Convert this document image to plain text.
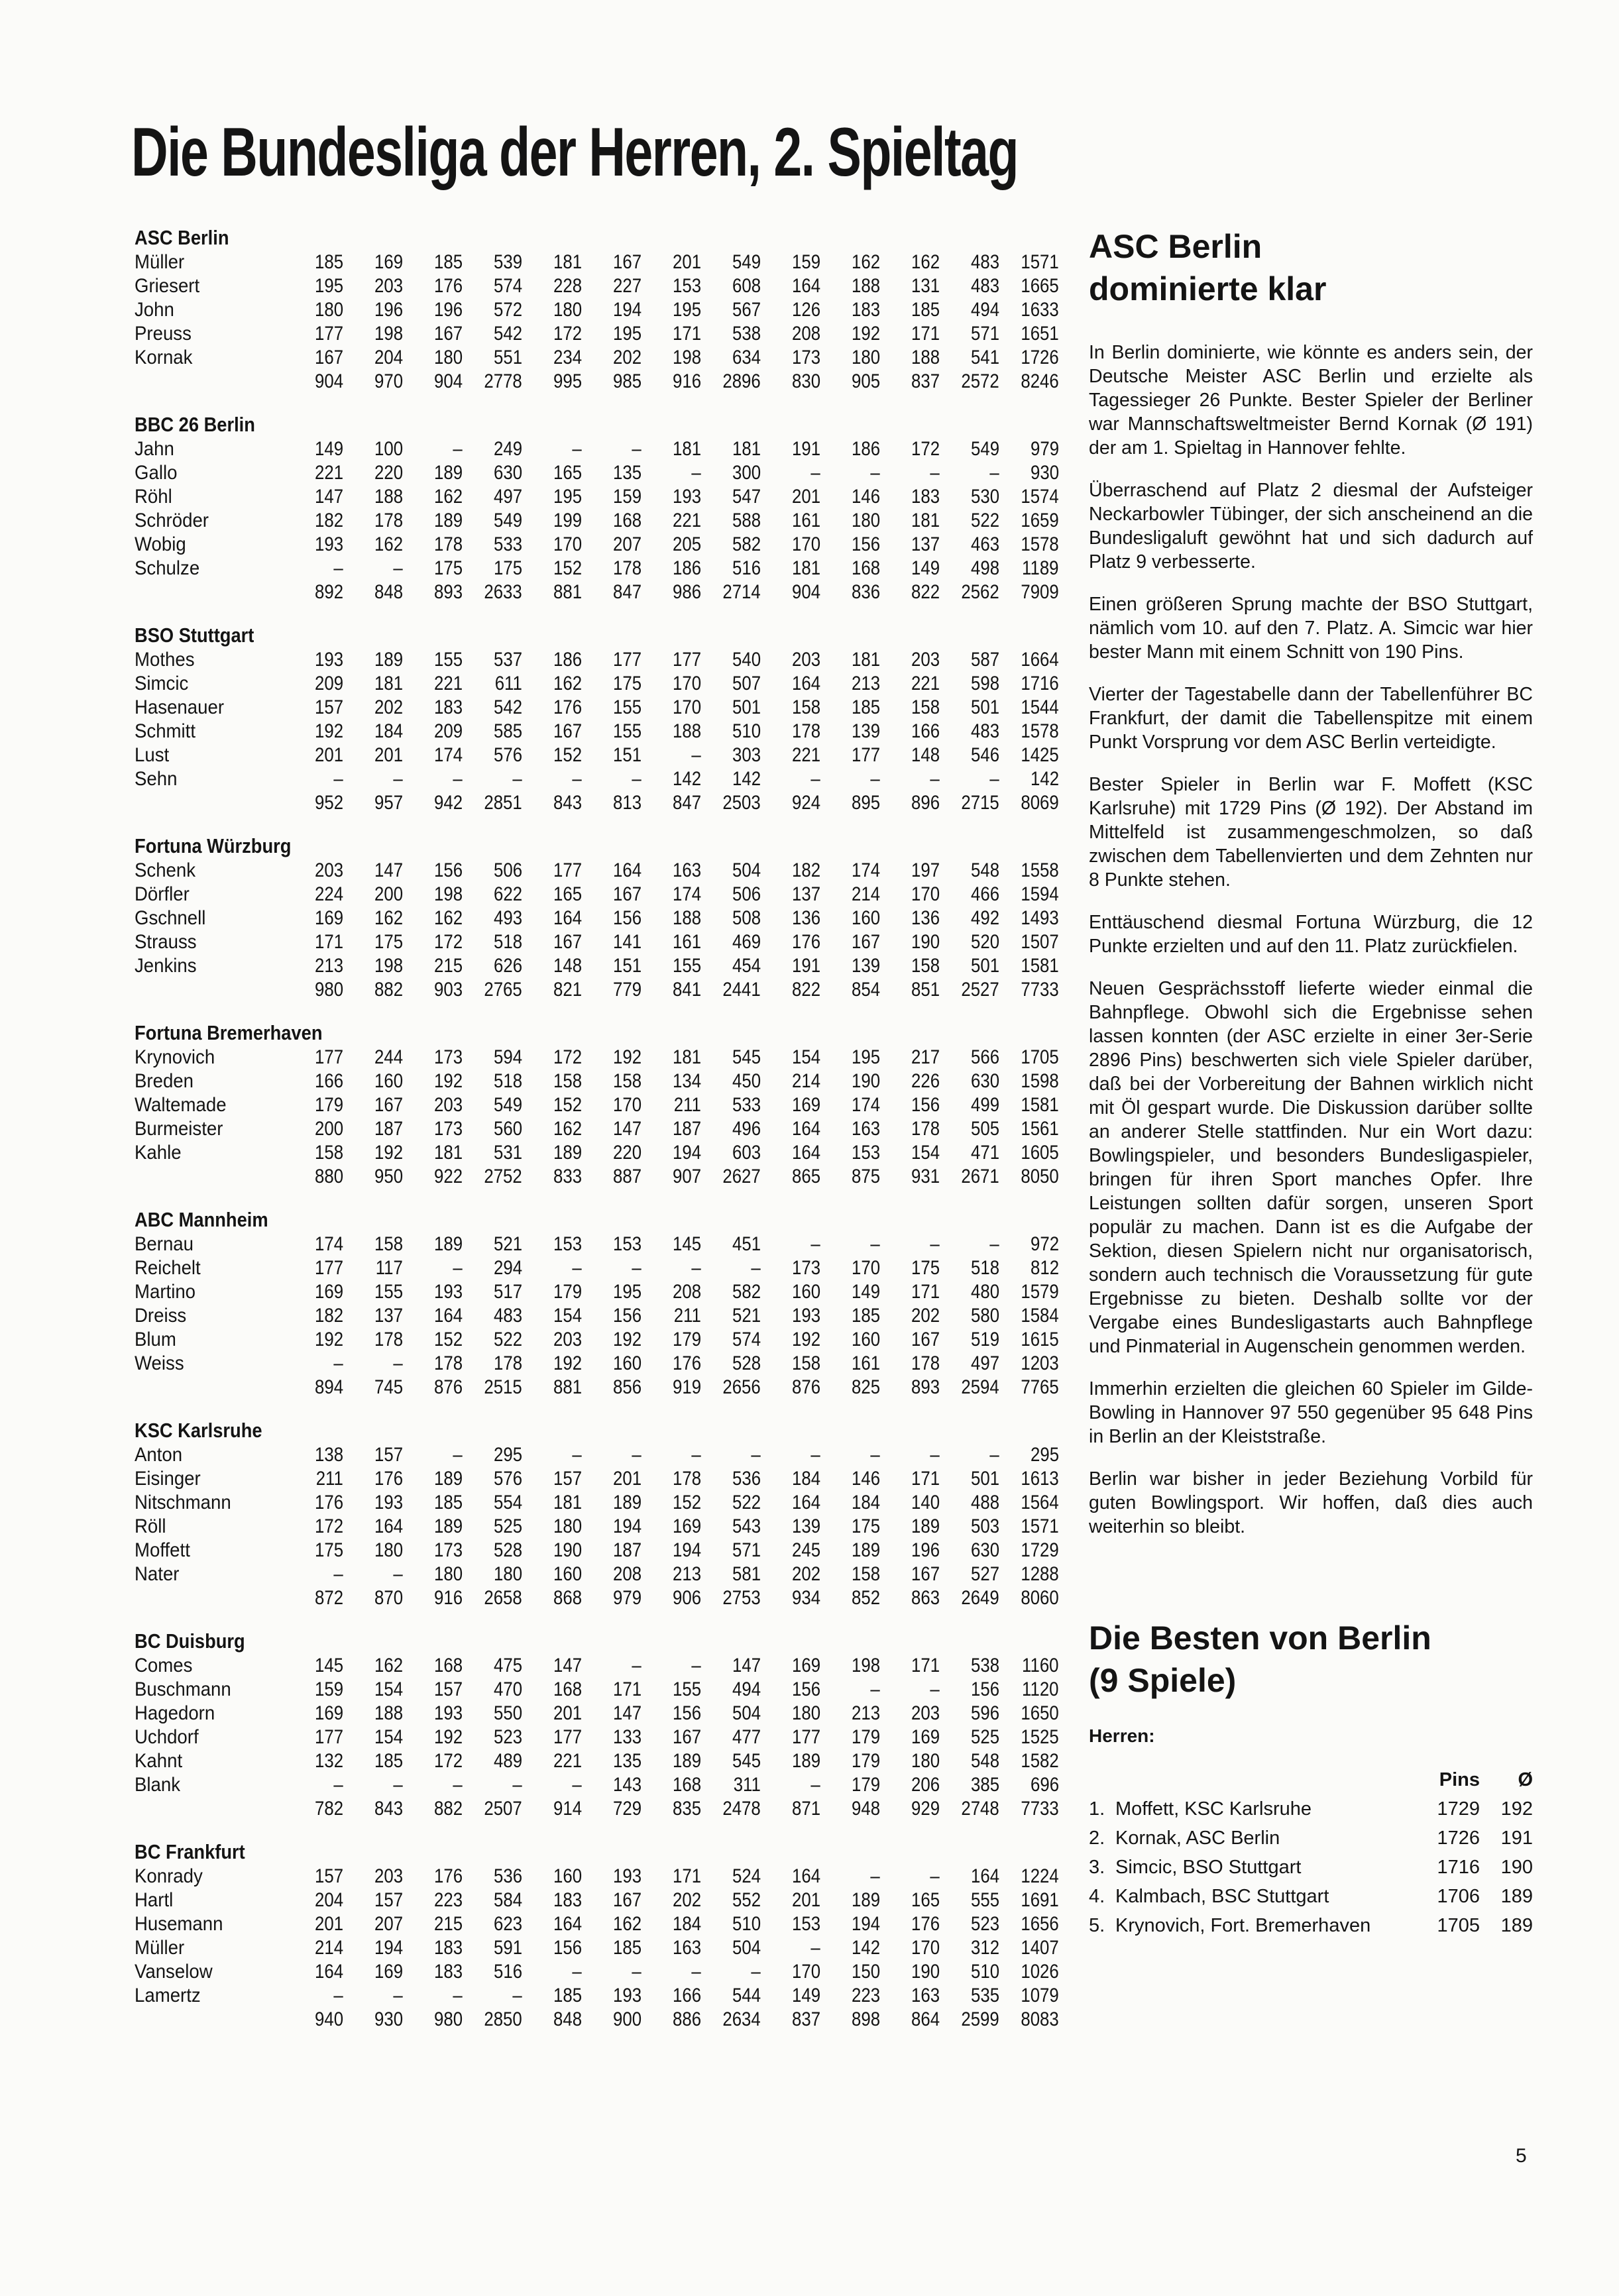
Die Bundesliga der Herren, 2. Spieltag
ASC Berlin
Müller	185	169	185	539	181	167	201	549	159	162	162	483	1571
Griesert	195	203	176	574	228	227	153	608	164	188	131	483	1665
John	180	196	196	572	180	194	195	567	126	183	185	494	1633
Preuss	177	198	167	542	172	195	171	538	208	192	171	571	1651
Kornak	167	204	180	551	234	202	198	634	173	180	188	541	1726
	904	970	904	2778	995	985	916	2896	830	905	837	2572	8246
BBC 26 Berlin
Jahn	149	100	–	249	–	–	181	181	191	186	172	549	979
Gallo	221	220	189	630	165	135	–	300	–	–	–	–	930
Röhl	147	188	162	497	195	159	193	547	201	146	183	530	1574
Schröder	182	178	189	549	199	168	221	588	161	180	181	522	1659
Wobig	193	162	178	533	170	207	205	582	170	156	137	463	1578
Schulze	–	–	175	175	152	178	186	516	181	168	149	498	1189
	892	848	893	2633	881	847	986	2714	904	836	822	2562	7909
BSO Stuttgart
Mothes	193	189	155	537	186	177	177	540	203	181	203	587	1664
Simcic	209	181	221	611	162	175	170	507	164	213	221	598	1716
Hasenauer	157	202	183	542	176	155	170	501	158	185	158	501	1544
Schmitt	192	184	209	585	167	155	188	510	178	139	166	483	1578
Lust	201	201	174	576	152	151	–	303	221	177	148	546	1425
Sehn	–	–	–	–	–	–	142	142	–	–	–	–	142
	952	957	942	2851	843	813	847	2503	924	895	896	2715	8069
Fortuna Würzburg
Schenk	203	147	156	506	177	164	163	504	182	174	197	548	1558
Dörfler	224	200	198	622	165	167	174	506	137	214	170	466	1594
Gschnell	169	162	162	493	164	156	188	508	136	160	136	492	1493
Strauss	171	175	172	518	167	141	161	469	176	167	190	520	1507
Jenkins	213	198	215	626	148	151	155	454	191	139	158	501	1581
	980	882	903	2765	821	779	841	2441	822	854	851	2527	7733
Fortuna Bremerhaven
Krynovich	177	244	173	594	172	192	181	545	154	195	217	566	1705
Breden	166	160	192	518	158	158	134	450	214	190	226	630	1598
Waltemade	179	167	203	549	152	170	211	533	169	174	156	499	1581
Burmeister	200	187	173	560	162	147	187	496	164	163	178	505	1561
Kahle	158	192	181	531	189	220	194	603	164	153	154	471	1605
	880	950	922	2752	833	887	907	2627	865	875	931	2671	8050
ABC Mannheim
Bernau	174	158	189	521	153	153	145	451	–	–	–	–	972
Reichelt	177	117	–	294	–	–	–	–	173	170	175	518	812
Martino	169	155	193	517	179	195	208	582	160	149	171	480	1579
Dreiss	182	137	164	483	154	156	211	521	193	185	202	580	1584
Blum	192	178	152	522	203	192	179	574	192	160	167	519	1615
Weiss	–	–	178	178	192	160	176	528	158	161	178	497	1203
	894	745	876	2515	881	856	919	2656	876	825	893	2594	7765
KSC Karlsruhe
Anton	138	157	–	295	–	–	–	–	–	–	–	–	295
Eisinger	211	176	189	576	157	201	178	536	184	146	171	501	1613
Nitschmann	176	193	185	554	181	189	152	522	164	184	140	488	1564
Röll	172	164	189	525	180	194	169	543	139	175	189	503	1571
Moffett	175	180	173	528	190	187	194	571	245	189	196	630	1729
Nater	–	–	180	180	160	208	213	581	202	158	167	527	1288
	872	870	916	2658	868	979	906	2753	934	852	863	2649	8060
BC Duisburg
Comes	145	162	168	475	147	–	–	147	169	198	171	538	1160
Buschmann	159	154	157	470	168	171	155	494	156	–	–	156	1120
Hagedorn	169	188	193	550	201	147	156	504	180	213	203	596	1650
Uchdorf	177	154	192	523	177	133	167	477	177	179	169	525	1525
Kahnt	132	185	172	489	221	135	189	545	189	179	180	548	1582
Blank	–	–	–	–	–	143	168	311	–	179	206	385	696
	782	843	882	2507	914	729	835	2478	871	948	929	2748	7733
BC Frankfurt
Konrady	157	203	176	536	160	193	171	524	164	–	–	164	1224
Hartl	204	157	223	584	183	167	202	552	201	189	165	555	1691
Husemann	201	207	215	623	164	162	184	510	153	194	176	523	1656
Müller	214	194	183	591	156	185	163	504	–	142	170	312	1407
Vanselow	164	169	183	516	–	–	–	–	170	150	190	510	1026
Lamertz	–	–	–	–	185	193	166	544	149	223	163	535	1079
	940	930	980	2850	848	900	886	2634	837	898	864	2599	8083
ASC Berlin
dominierte klar

In Berlin dominierte, wie könnte es anders sein, der Deutsche Meister ASC Berlin und erzielte als Tagessieger 26 Punkte. Bester Spieler der Berliner war Mannschaftsweltmeister Bernd Kornak (Ø 191) der am 1. Spieltag in Hannover fehlte.

Überraschend auf Platz 2 diesmal der Aufsteiger Neckarbowler Tübinger, der sich anscheinend an die Bundesligaluft gewöhnt hat und sich dadurch auf Platz 9 verbesserte.

Einen größeren Sprung machte der BSO Stuttgart, nämlich vom 10. auf den 7. Platz. A. Simcic war hier bester Mann mit einem Schnitt von 190 Pins.

Vierter der Tagestabelle dann der Tabellenführer BC Frankfurt, der damit die Tabellenspitze mit einem Punkt Vorsprung vor dem ASC Berlin verteidigte.

Bester Spieler in Berlin war F. Moffett (KSC Karlsruhe) mit 1729 Pins (Ø 192). Der Abstand im Mittelfeld ist zusammengeschmolzen, so daß zwischen dem Tabellenvierten und dem Zehnten nur 8 Punkte stehen.

Enttäuschend diesmal Fortuna Würzburg, die 12 Punkte erzielten und auf den 11. Platz zurückfielen.

Neuen Gesprächsstoff lieferte wieder einmal die Bahnpflege. Obwohl sich die Ergebnisse sehen lassen konnten (der ASC erzielte in einer 3er-Serie 2896 Pins) beschwerten sich viele Spieler darüber, daß bei der Vorbereitung der Bahnen wirklich nicht mit Öl gespart wurde. Die Diskussion darüber sollte an anderer Stelle stattfinden. Nur ein Wort dazu: Bowlingspieler, und besonders Bundesligaspieler, bringen für ihren Sport manches Opfer. Ihre Leistungen sollten dafür sorgen, unseren Sport populär zu machen. Dann ist es die Aufgabe der Sektion, diesen Spielern nicht nur organisatorisch, sondern auch technisch die Voraussetzung für gute Ergebnisse zu bieten. Deshalb sollte vor der Vergabe eines Bundesligastarts auch Bahnpflege und Pinmaterial in Augenschein genommen werden.

Immerhin erzielten die gleichen 60 Spieler im Gilde-Bowling in Hannover 97 550 gegenüber 95 648 Pins in Berlin an der Kleiststraße.

Berlin war bisher in jeder Beziehung Vorbild für guten Bowlingsport. Wir hoffen, daß dies auch weiterhin so bleibt.

Die Besten von Berlin
(9 Spiele)
Herren:
		Pins	Ø
1.	Moffett, KSC Karlsruhe	1729	192
2.	Kornak, ASC Berlin	1726	191
3.	Simcic, BSO Stuttgart	1716	190
4.	Kalmbach, BSC Stuttgart	1706	189
5.	Krynovich, Fort. Bremerhaven	1705	189
5
